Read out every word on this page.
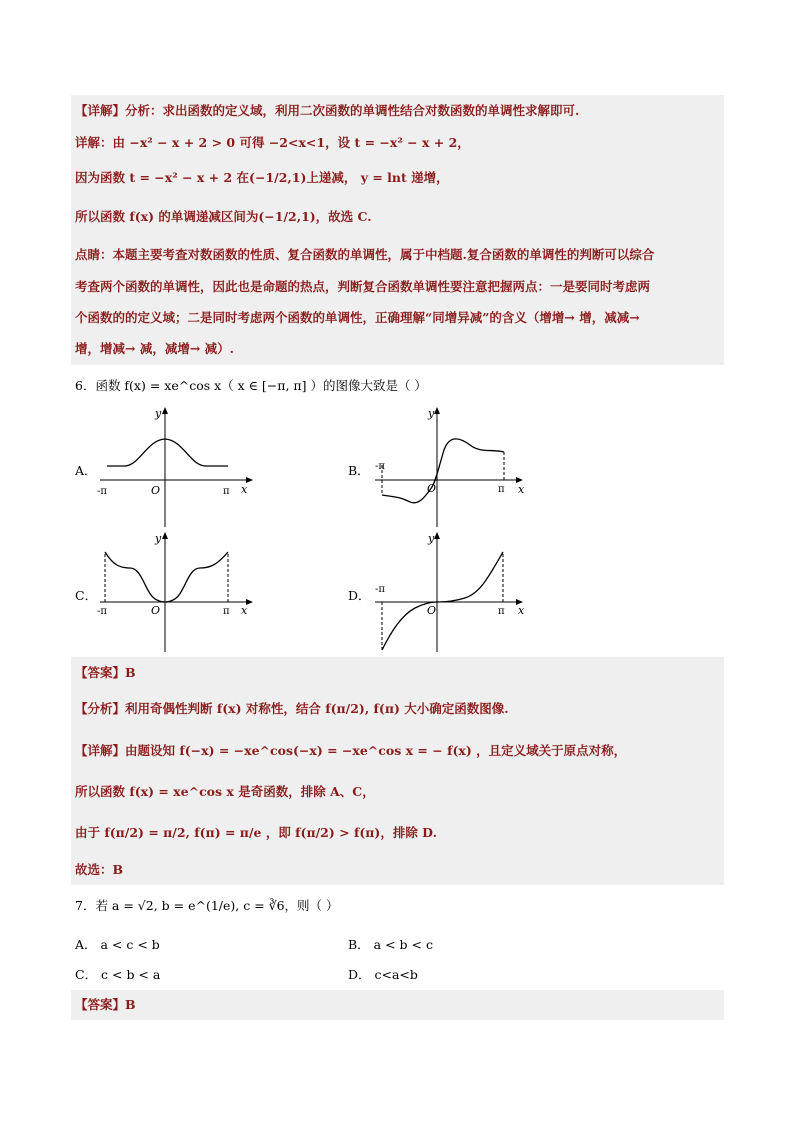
【详解】分析：求出函数的定义域，利用二次函数的单调性结合对数函数的单调性求解即可.
详解：由 −x² − x + 2 > 0 可得 −2<x<1，设 t = −x² − x + 2，
因为函数 t = −x² − x + 2 在(−1/2,1)上递减， y = lnt 递增，
所以函数 f(x) 的单调递减区间为(−1/2,1)，故选 C.
点睛：本题主要考查对数函数的性质、复合函数的单调性，属于中档题.复合函数的单调性的判断可以综合
考查两个函数的单调性，因此也是命题的热点，判断复合函数单调性要注意把握两点：一是要同时考虑两
个函数的的定义域；二是同时考虑两个函数的单调性，正确理解“同增异减”的含义（增增→ 增，减减→
增，增减→ 减，减增→ 减）.
6．函数 f(x) = xe^cos x（ x ∈ [−π, π] ）的图像大致是（ ）
A．	B．
C．	D．
y
x
O
-π	π
y
x
O
-π
π
y
x
O
-π	π
y
x
O
-π
π
【答案】B
【分析】利用奇偶性判断 f(x) 对称性，结合 f(π/2), f(π) 大小确定函数图像.
【详解】由题设知 f(−x) = −xe^cos(−x) = −xe^cos x = − f(x) ，且定义域关于原点对称，
所以函数 f(x) = xe^cos x 是奇函数，排除 A、C，
由于 f(π/2) = π/2, f(π) = π/e ，即 f(π/2) > f(π)，排除 D.
故选：B
7．若 a = √2, b = e^(1/e), c = ∛6，则（ ）
A． a < c < b	B． a < b < c
C． c < b < a	D． c<a<b
【答案】B
